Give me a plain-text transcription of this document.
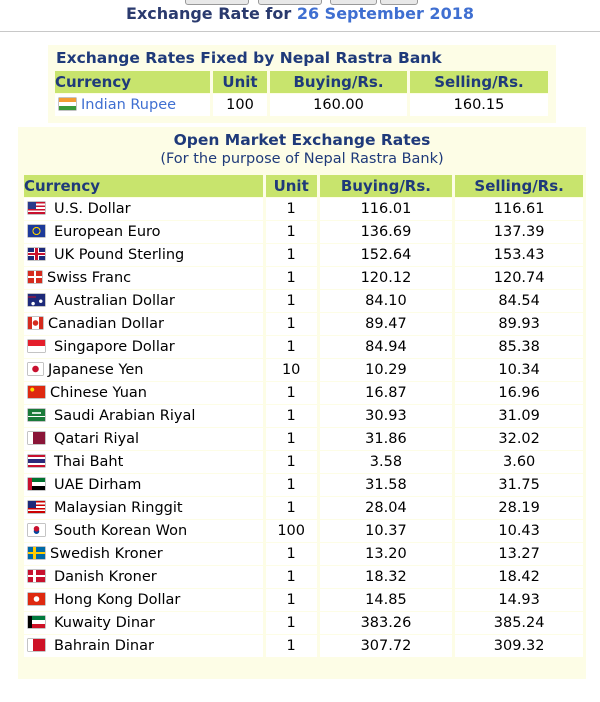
Exchange Rate for 26 September 2018
Exchange Rates Fixed by Nepal Rastra Bank
Currency	Unit	Buying/Rs.	Selling/Rs.
Indian Rupee	100	160.00	160.15
Open Market Exchange Rates
(For the purpose of Nepal Rastra Bank)
Currency	Unit	Buying/Rs.	Selling/Rs.

U.S. Dollar	1	116.01	116.61
European Euro	1	136.69	137.39
UK Pound Sterling	1	152.64	153.43
Swiss Franc	1	120.12	120.74
Australian Dollar	1	84.10	84.54
Canadian Dollar	1	89.47	89.93
Singapore Dollar	1	84.94	85.38
Japanese Yen	10	10.29	10.34
Chinese Yuan	1	16.87	16.96
Saudi Arabian Riyal	1	30.93	31.09
Qatari Riyal	1	31.86	32.02
Thai Baht	1	3.58	3.60
UAE Dirham	1	31.58	31.75
Malaysian Ringgit	1	28.04	28.19
South Korean Won	100	10.37	10.43
Swedish Kroner	1	13.20	13.27
Danish Kroner	1	18.32	18.42
Hong Kong Dollar	1	14.85	14.93
Kuwaity Dinar	1	383.26	385.24
Bahrain Dinar	1	307.72	309.32
